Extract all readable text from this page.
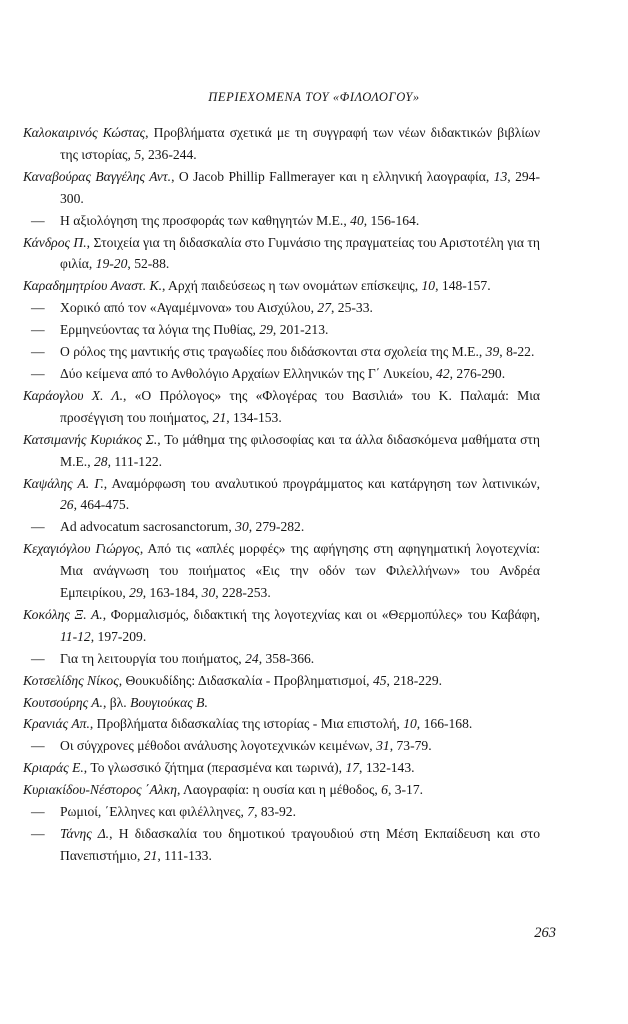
ΠΕΡΙΕΧΟΜΕΝΑ ΤΟΥ «ΦΙΛΟΛΟΓΟΥ»
Καλοκαιρινός Κώστας, Προβλήματα σχετικά με τη συγγραφή των νέων διδακτικών βιβλίων της ιστορίας, 5, 236-244.
Καναβούρας Βαγγέλης Αντ., Ο Jacob Phillip Fallmerayer και η ελληνική λαογραφία, 13, 294-300.
— Η αξιολόγηση της προσφοράς των καθηγητών Μ.Ε., 40, 156-164.
Κάνδρος Π., Στοιχεία για τη διδασκαλία στο Γυμνάσιο της πραγματείας του Αριστοτέλη για τη φιλία, 19-20, 52-88.
Καραδημητρίου Αναστ. Κ., Αρχή παιδεύσεως η των ονομάτων επίσκεψις, 10, 148-157.
— Χορικό από τον «Αγαμέμνονα» του Αισχύλου, 27, 25-33.
— Ερμηνεύοντας τα λόγια της Πυθίας, 29, 201-213.
— Ο ρόλος της μαντικής στις τραγωδίες που διδάσκονται στα σχολεία της Μ.Ε., 39, 8-22.
— Δύο κείμενα από το Ανθολόγιο Αρχαίων Ελληνικών της Γ΄ Λυκείου, 42, 276-290.
Καράογλου Χ. Λ., «Ο Πρόλογος» της «Φλογέρας του Βασιλιά» του Κ. Παλαμά: Μια προσέγγιση του ποιήματος, 21, 134-153.
Κατσιμανής Κυριάκος Σ., Το μάθημα της φιλοσοφίας και τα άλλα διδασκόμενα μαθήματα στη Μ.Ε., 28, 111-122.
Καψάλης Α. Γ., Αναμόρφωση του αναλυτικού προγράμματος και κατάργηση των λατινικών, 26, 464-475.
— Ad advocatum sacrosanctorum, 30, 279-282.
Κεχαγιόγλου Γιώργος, Από τις «απλές μορφές» της αφήγησης στη αφηγηματική λογοτεχνία: Μια ανάγνωση του ποιήματος «Εις την οδόν των Φιλελλήνων» του Ανδρέα Εμπειρίκου, 29, 163-184, 30, 228-253.
Κοκόλης Ξ. Α., Φορμαλισμός, διδακτική της λογοτεχνίας και οι «Θερμοπύλες» του Καβάφη, 11-12, 197-209.
— Για τη λειτουργία του ποιήματος, 24, 358-366.
Κοτσελίδης Νίκος, Θουκυδίδης: Διδασκαλία - Προβληματισμοί, 45, 218-229.
Κουτσούρης Α., βλ. Βουγιούκας Β.
Κρανιάς Απ., Προβλήματα διδασκαλίας της ιστορίας - Μια επιστολή, 10, 166-168.
— Οι σύγχρονες μέθοδοι ανάλυσης λογοτεχνικών κειμένων, 31, 73-79.
Κριαράς Ε., Το γλωσσικό ζήτημα (περασμένα και τωρινά), 17, 132-143.
Κυριακίδου-Νέστορος ΄Αλκη, Λαογραφία: η ουσία και η μέθοδος, 6, 3-17.
— Ρωμιοί, ΄Ελληνες και φιλέλληνες, 7, 83-92.
— Τάνης Δ., Η διδασκαλία του δημοτικού τραγουδιού στη Μέση Εκπαίδευση και στο Πανεπιστήμιο, 21, 111-133.
263
